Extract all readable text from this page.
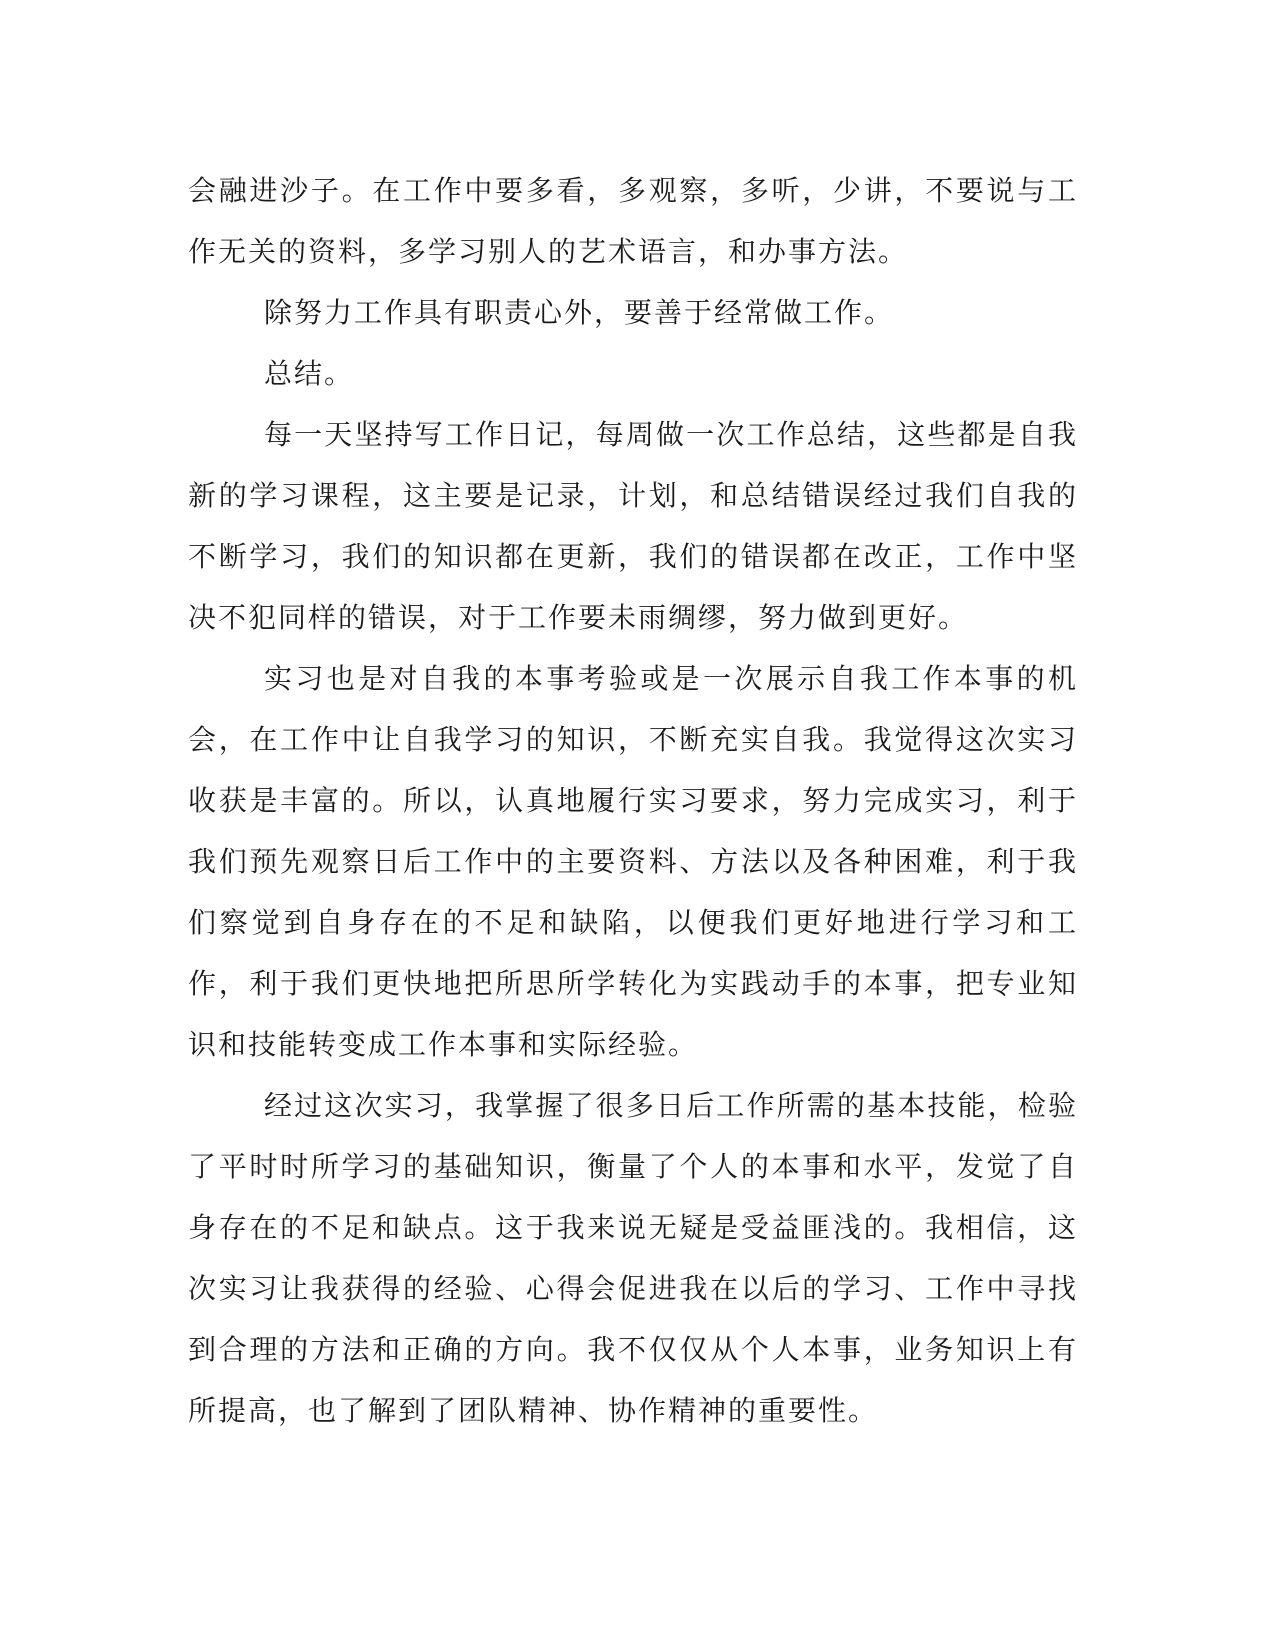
会融进沙子。在工作中要多看，多观察，多听，少讲，不要说与工作无关的资料，多学习别人的艺术语言，和办事方法。

除努力工作具有职责心外，要善于经常做工作。

总结。

每一天坚持写工作日记，每周做一次工作总结，这些都是自我新的学习课程，这主要是记录，计划，和总结错误经过我们自我的不断学习，我们的知识都在更新，我们的错误都在改正，工作中坚决不犯同样的错误，对于工作要未雨绸缪，努力做到更好。

实习也是对自我的本事考验或是一次展示自我工作本事的机会，在工作中让自我学习的知识，不断充实自我。我觉得这次实习收获是丰富的。所以，认真地履行实习要求，努力完成实习，利于我们预先观察日后工作中的主要资料、方法以及各种困难，利于我们察觉到自身存在的不足和缺陷，以便我们更好地进行学习和工作，利于我们更快地把所思所学转化为实践动手的本事，把专业知识和技能转变成工作本事和实际经验。

经过这次实习，我掌握了很多日后工作所需的基本技能，检验了平时时所学习的基础知识，衡量了个人的本事和水平，发觉了自身存在的不足和缺点。这于我来说无疑是受益匪浅的。我相信，这次实习让我获得的经验、心得会促进我在以后的学习、工作中寻找到合理的方法和正确的方向。我不仅仅从个人本事，业务知识上有所提高，也了解到了团队精神、协作精神的重要性。
